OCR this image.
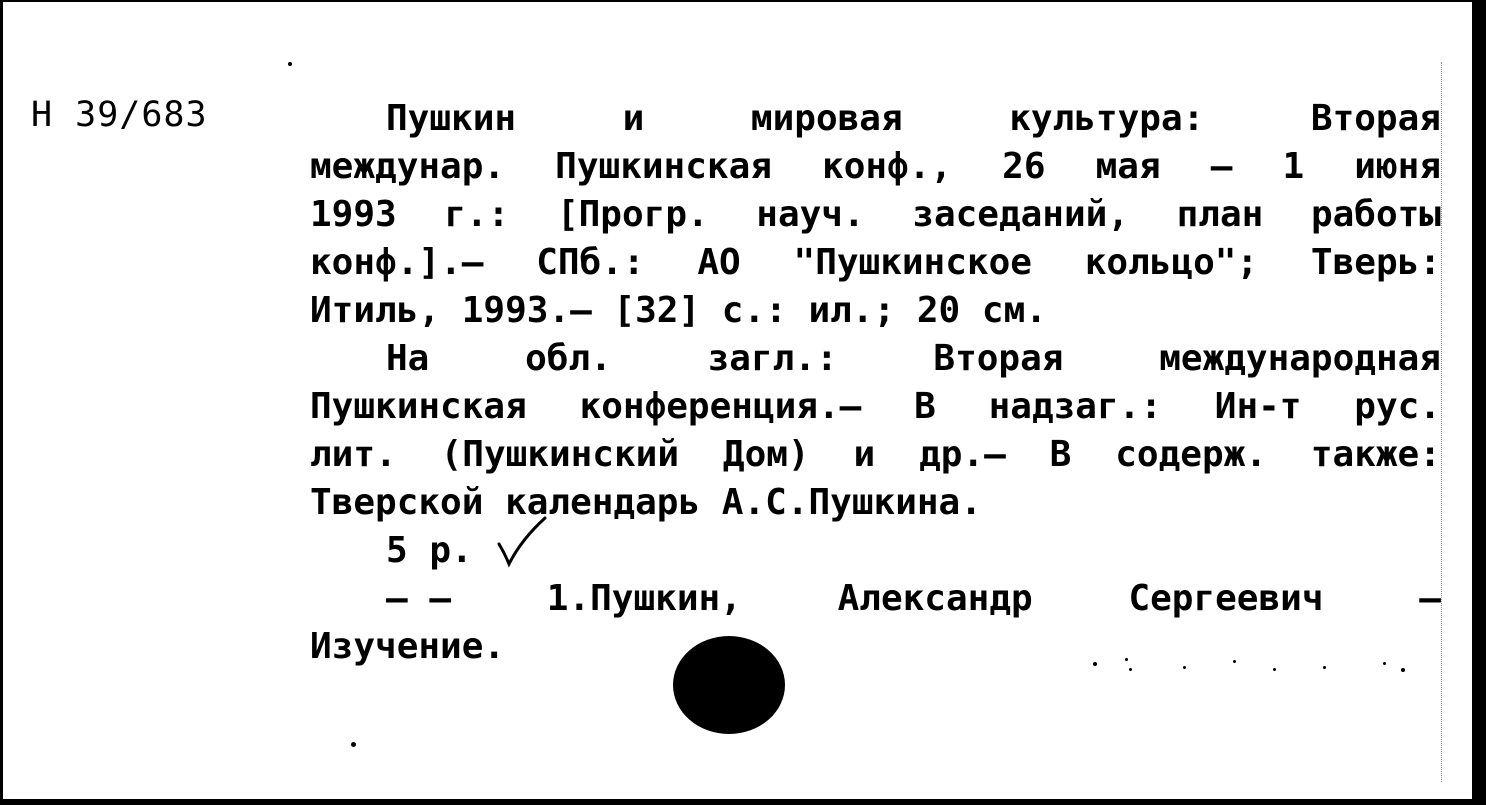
Н 39/683	Пушкин	и	мировая	культура:	Вторая
междунар. Пушкинская конф., 26 мая – 1 июня
1993 г.: [Прогр. науч. заседаний, план работы
конф.].– СПб.: АО "Пушкинское кольцо"; Тверь:
Итиль, 1993.– [32] с.: ил.; 20 см.
На	обл.	загл.:	Вторая	международная
Пушкинская конференция.– В надзаг.: Ин-т рус.
лит. (Пушкинский Дом) и др.– В содерж. также:
Тверской календарь А.С.Пушкина.
5 р.
– –	1.Пушкин,	Александр	Сергеевич	–
Изучение.
